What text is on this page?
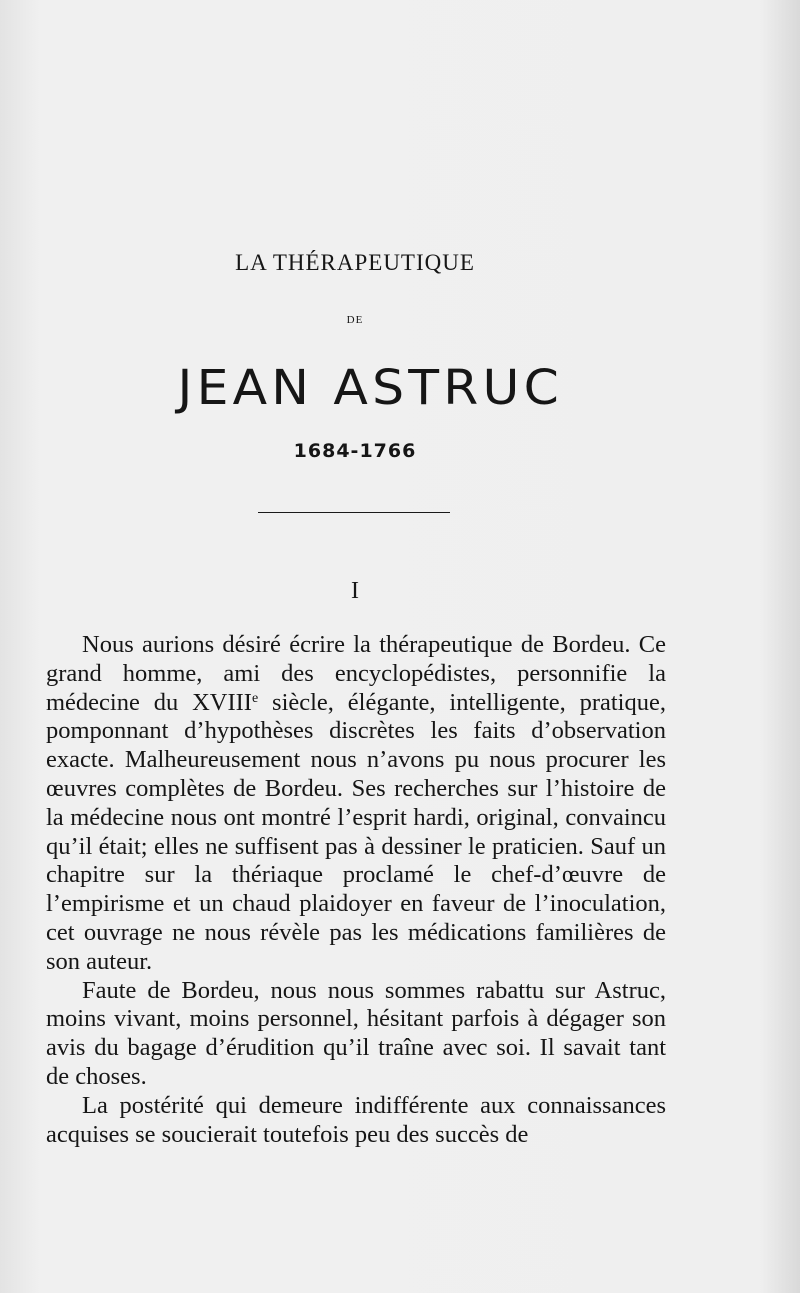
LA THÉRAPEUTIQUE
DE
JEAN ASTRUC
1684-1766
I

Nous aurions désiré écrire la thérapeutique de Bordeu. Ce grand homme, ami des encyclopédistes, personnifie la médecine du XVIIIe siècle, élégante, intelligente, pratique, pomponnant d’hypothèses discrètes les faits d’observation exacte. Malheureusement nous n’avons pu nous procurer les œuvres complètes de Bordeu. Ses recherches sur l’histoire de la médecine nous ont montré l’esprit hardi, original, convaincu qu’il était; elles ne suffisent pas à dessiner le praticien. Sauf un chapitre sur la thériaque proclamé le chef-d’œuvre de l’empirisme et un chaud plaidoyer en faveur de l’inoculation, cet ouvrage ne nous révèle pas les médications familières de son auteur.

Faute de Bordeu, nous nous sommes rabattu sur Astruc, moins vivant, moins personnel, hésitant parfois à dégager son avis du bagage d’érudition qu’il traîne avec soi. Il savait tant de choses.

La postérité qui demeure indifférente aux connaissances acquises se soucierait toutefois peu des succès de
